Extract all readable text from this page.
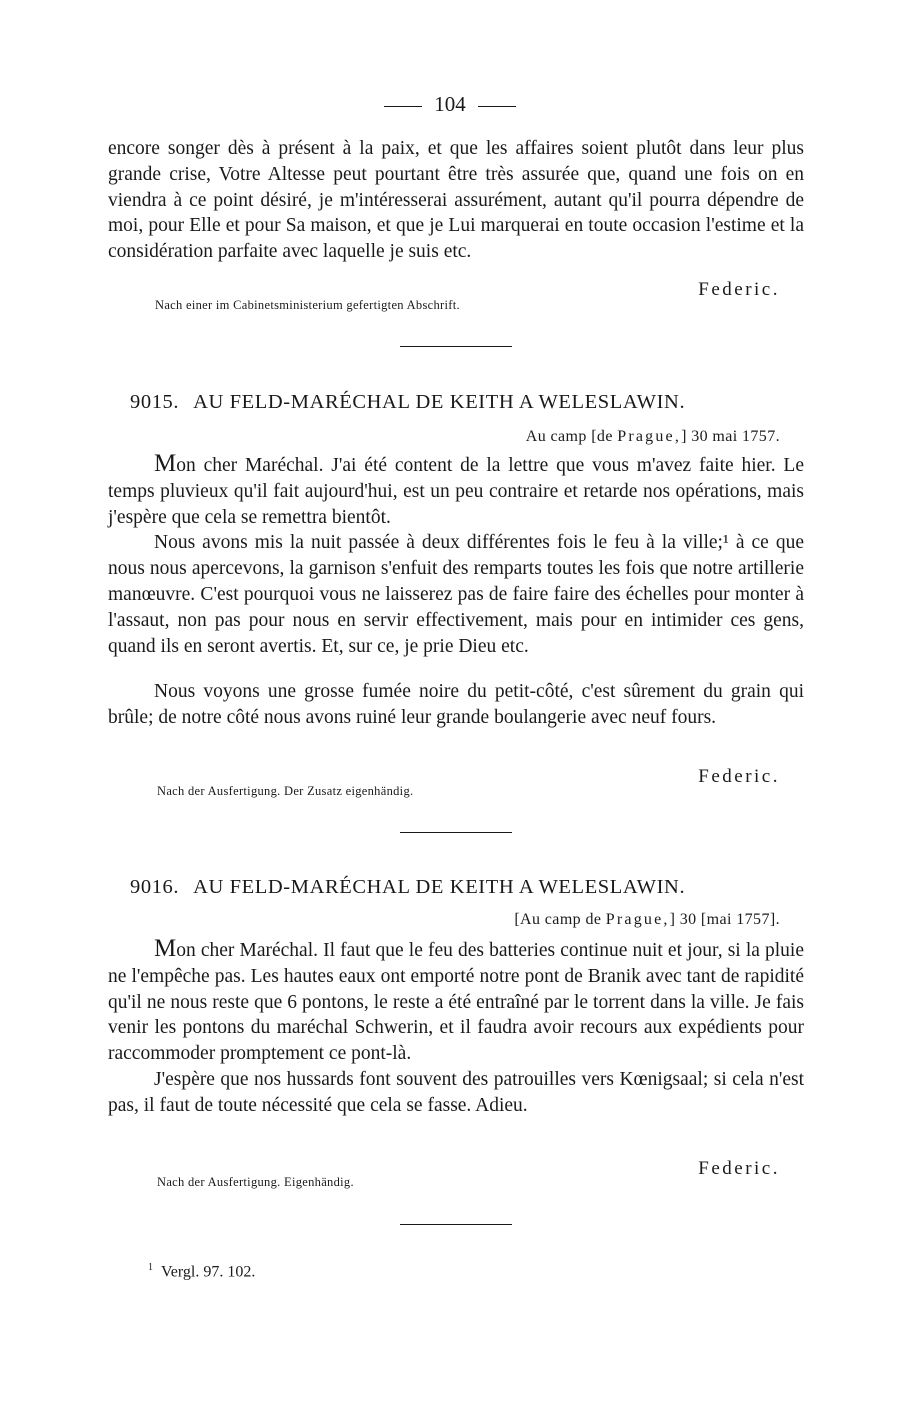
104

encore songer dès à présent à la paix, et que les affaires soient plutôt dans leur plus grande crise, Votre Altesse peut pourtant être très assurée que, quand une fois on en viendra à ce point désiré, je m'intéresserai assurément, autant qu'il pourra dépendre de moi, pour Elle et pour Sa maison, et que je Lui marquerai en toute occasion l'estime et la considération parfaite avec laquelle je suis etc.

Federic.
Nach einer im Cabinetsministerium gefertigten Abschrift.
9015. AU FELD-MARÉCHAL DE KEITH A WELESLAWIN.
Au camp [de Prague,] 30 mai 1757.

Mon cher Maréchal. J'ai été content de la lettre que vous m'avez faite hier. Le temps pluvieux qu'il fait aujourd'hui, est un peu contraire et retarde nos opérations, mais j'espère que cela se remettra bientôt.

Nous avons mis la nuit passée à deux différentes fois le feu à la ville;¹ à ce que nous nous apercevons, la garnison s'enfuit des remparts toutes les fois que notre artillerie manœuvre. C'est pourquoi vous ne laisserez pas de faire faire des échelles pour monter à l'assaut, non pas pour nous en servir effectivement, mais pour en intimider ces gens, quand ils en seront avertis. Et, sur ce, je prie Dieu etc.

Nous voyons une grosse fumée noire du petit-côté, c'est sûrement du grain qui brûle; de notre côté nous avons ruiné leur grande boulangerie avec neuf fours.

Federic.
Nach der Ausfertigung. Der Zusatz eigenhändig.
9016. AU FELD-MARÉCHAL DE KEITH A WELESLAWIN.
[Au camp de Prague,] 30 [mai 1757].

Mon cher Maréchal. Il faut que le feu des batteries continue nuit et jour, si la pluie ne l'empêche pas. Les hautes eaux ont emporté notre pont de Branik avec tant de rapidité qu'il ne nous reste que 6 pontons, le reste a été entraîné par le torrent dans la ville. Je fais venir les pontons du maréchal Schwerin, et il faudra avoir recours aux expédients pour raccommoder promptement ce pont-là.

J'espère que nos hussards font souvent des patrouilles vers Kœnigsaal; si cela n'est pas, il faut de toute nécessité que cela se fasse. Adieu.

Federic.
Nach der Ausfertigung. Eigenhändig.
$^1$ Vergl. 97. 102.
